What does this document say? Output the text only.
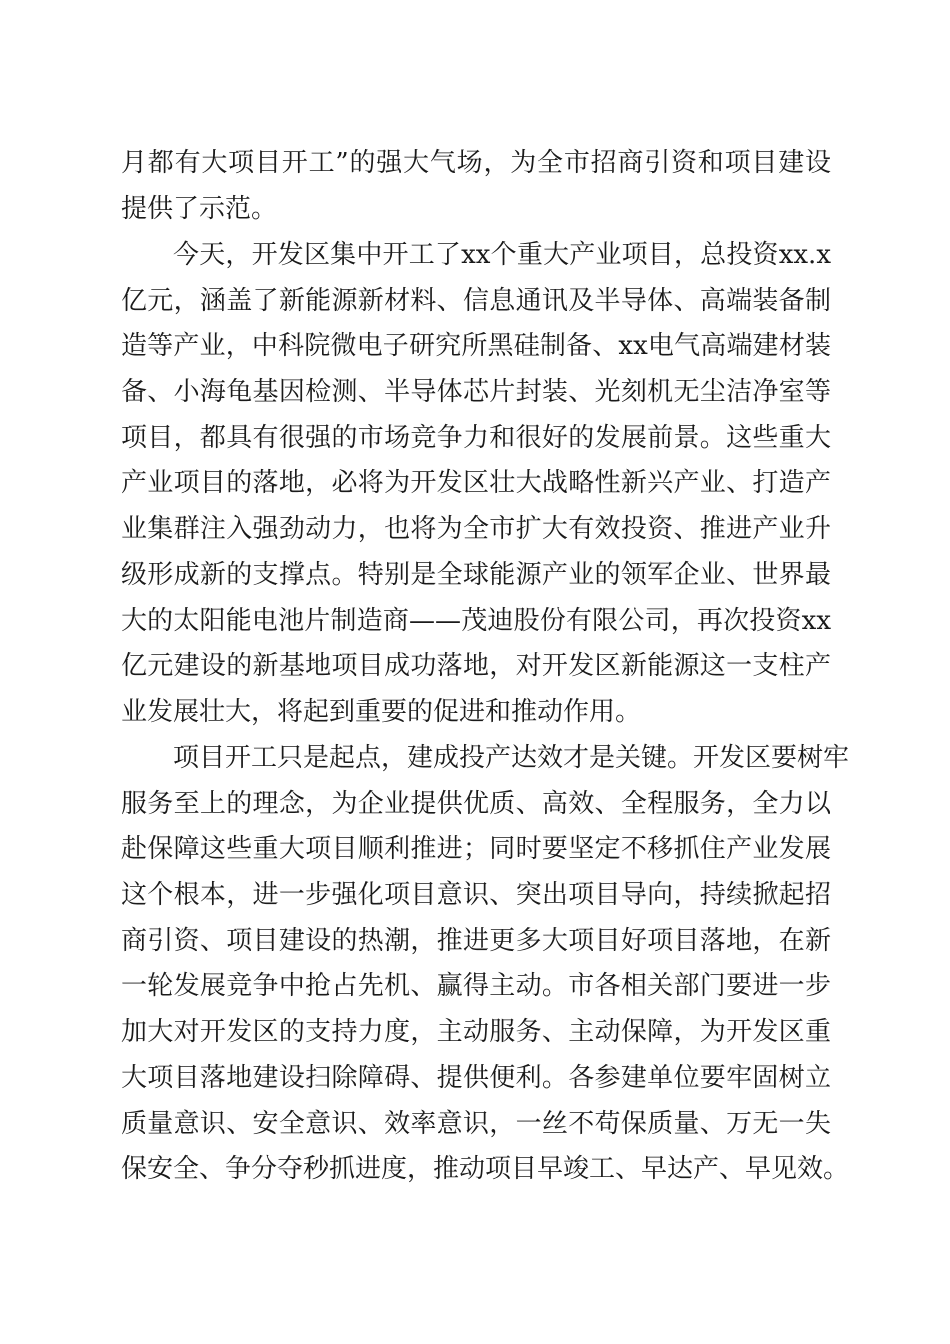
月都有大项目开工”的强大气场，为全市招商引资和项目建设
提供了示范。
今天，开发区集中开工了xx个重大产业项目，总投资xx.x
亿元，涵盖了新能源新材料、信息通讯及半导体、高端装备制
造等产业，中科院微电子研究所黑硅制备、xx电气高端建材装
备、小海龟基因检测、半导体芯片封装、光刻机无尘洁净室等
项目，都具有很强的市场竞争力和很好的发展前景。这些重大
产业项目的落地，必将为开发区壮大战略性新兴产业、打造产
业集群注入强劲动力，也将为全市扩大有效投资、推进产业升
级形成新的支撑点。特别是全球能源产业的领军企业、世界最
大的太阳能电池片制造商——茂迪股份有限公司，再次投资xx
亿元建设的新基地项目成功落地，对开发区新能源这一支柱产
业发展壮大，将起到重要的促进和推动作用。
项目开工只是起点，建成投产达效才是关键。开发区要树牢
服务至上的理念，为企业提供优质、高效、全程服务，全力以
赴保障这些重大项目顺利推进；同时要坚定不移抓住产业发展
这个根本，进一步强化项目意识、突出项目导向，持续掀起招
商引资、项目建设的热潮，推进更多大项目好项目落地，在新
一轮发展竞争中抢占先机、赢得主动。市各相关部门要进一步
加大对开发区的支持力度，主动服务、主动保障，为开发区重
大项目落地建设扫除障碍、提供便利。各参建单位要牢固树立
质量意识、安全意识、效率意识，一丝不苟保质量、万无一失
保安全、争分夺秒抓进度，推动项目早竣工、早达产、早见效。
